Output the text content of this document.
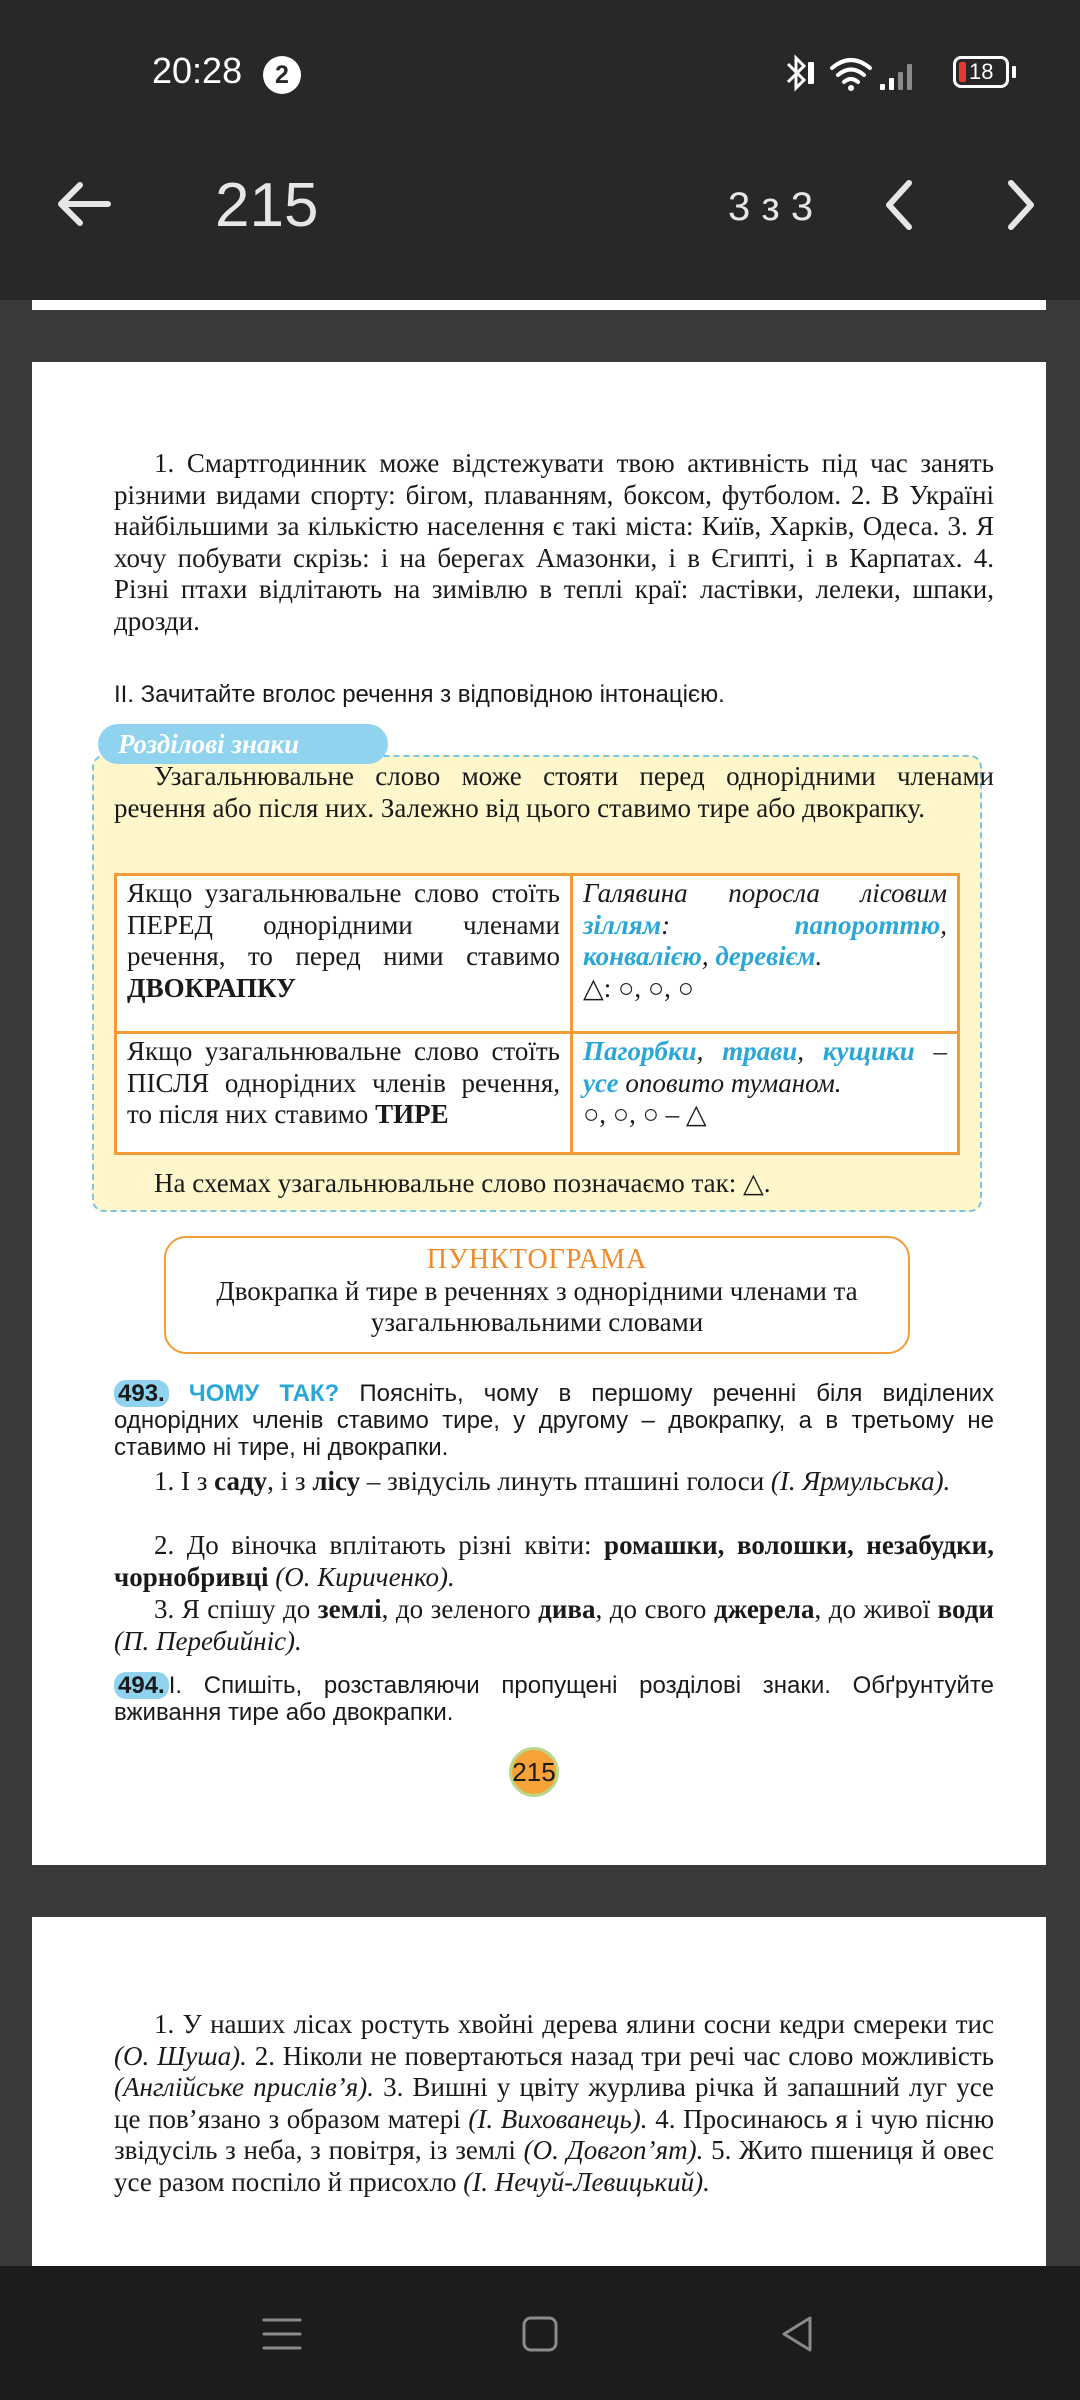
20:28	2	18
215	3 з 3
1. Смартгодинник може відстежувати твою активність під час занять різними видами спорту: бігом, плаванням, боксом, футболом. 2. В Україні найбільшими за кількістю населення є такі міста: Київ, Харків, Одеса. 3. Я хочу побувати скрізь: і на берегах Амазонки, і в Єгипті, і в Карпатах. 4. Різні птахи відлітають на зимівлю в теплі краї: ластівки, лелеки, шпаки, дрозди.
II. Зачитайте вголос речення з відповідною інтонацією.
Розділові знаки
Узагальнювальне слово може стояти перед однорідними членами речення або після них. Залежно від цього ставимо тире або двокрапку.
Якщо узагальнювальне слово стоїть ПЕРЕД однорідними членами речення, то перед ними ставимо ДВОКРАПКУ	Галявина поросла лісовим зіллям: папороттю, конвалією, деревієм.
△: ○, ○, ○
Якщо узагальнювальне слово стоїть ПІСЛЯ однорідних членів речення, то після них ставимо ТИРЕ	Пагорбки, трави, кущики – усе оповито туманом.
○, ○, ○ – △
На схемах узагальнювальне слово позначаємо так: △.
ПУНКТОГРАМА
Двокрапка й тире в реченнях з однорідними членами та узагальнювальними словами
493. ЧОМУ ТАК? Поясніть, чому в першому реченні біля виділених однорідних членів ставимо тире, у другому – двокрапку, а в третьому не ставимо ні тире, ні двокрапки.
1. І з саду, і з лісу – звідусіль линуть пташині голоси (І. Ярмульська).
2. До віночка вплітають різні квіти: ромашки, волошки, незабудки, чорнобривці (О. Кириченко).
3. Я спішу до землі, до зеленого дива, до свого джерела, до живої води (П. Перебийніс).
494. І. Спишіть, розставляючи пропущені розділові знаки. Обґрунтуйте вживання тире або двокрапки.
215
1. У наших лісах ростуть хвойні дерева ялини сосни кедри смереки тис (О. Шуша). 2. Ніколи не повертаються назад три речі час слово можливість (Англійське прислів’я). 3. Вишні у цвіту журлива річка й запашний луг усе це пов’язано з образом матері (І. Вихованець). 4. Просинаюсь я і чую пісню звідусіль з неба, з повітря, із землі (О. Довгоп’ят). 5. Жито пшениця й овес усе разом поспіло й присохло (І. Нечуй-Левицький).
